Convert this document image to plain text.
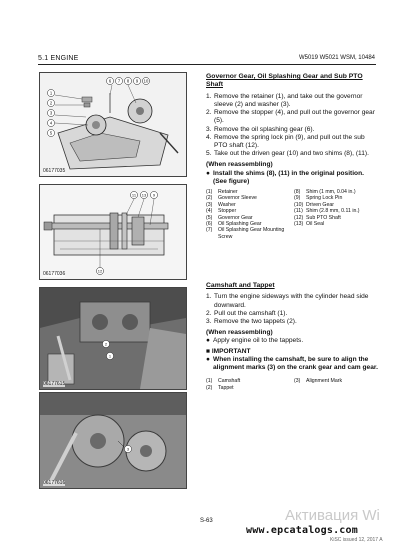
5.1 ENGINE	W5019 W5021 WSM, 10484
6 7 8 9 10
1
2
3
4
5
06177035
11 13 9
12
06177036
2
1
06177615
3
06177616
Governor Gear, Oil Splashing Gear and Sub PTO Shaft
1. Remove the retainer (1), and take out the governor sleeve (2) and washer (3).
2. Remove the stopper (4), and pull out the governor gear (5).
3. Remove the oil splashing gear (6).
4. Remove the spring lock pin (9), and pull out the sub PTO shaft (12).
5. Take out the driven gear (10) and two shims (8), (11).
(When reassembling)
● Install the shims (8), (11) in the original position. (See figure)
(1)	Retainer	(8)	Shim (1 mm, 0.04 in.)
(2)	Governor Sleeve	(9)	Spring Lock Pin
(3)	Washer	(10) Driven Gear
(4)	Stopper	(11) Shim (2.8 mm, 0.11 in.)
(5)	Governor Gear	(12) Sub PTO Shaft
(6)	Oil Splashing Gear	(13) Oil Seal
(7)	Oil Splashing Gear Mounting Screw
Camshaft and Tappet
1. Turn the engine sideways with the cylinder head side downward.
2. Pull out the camshaft (1).
3. Remove the two tappets (2).
(When reassembling)
● Apply engine oil to the tappets.
■ IMPORTANT
● When installing the camshaft, be sure to align the alignment marks (3) on the crank gear and cam gear.
(1)	Camshaft	(3)	Alignment Mark
(2)	Tappet
Активация Wi
S-63
www.epcatalogs.com
KiSC issued 12, 2017 A
